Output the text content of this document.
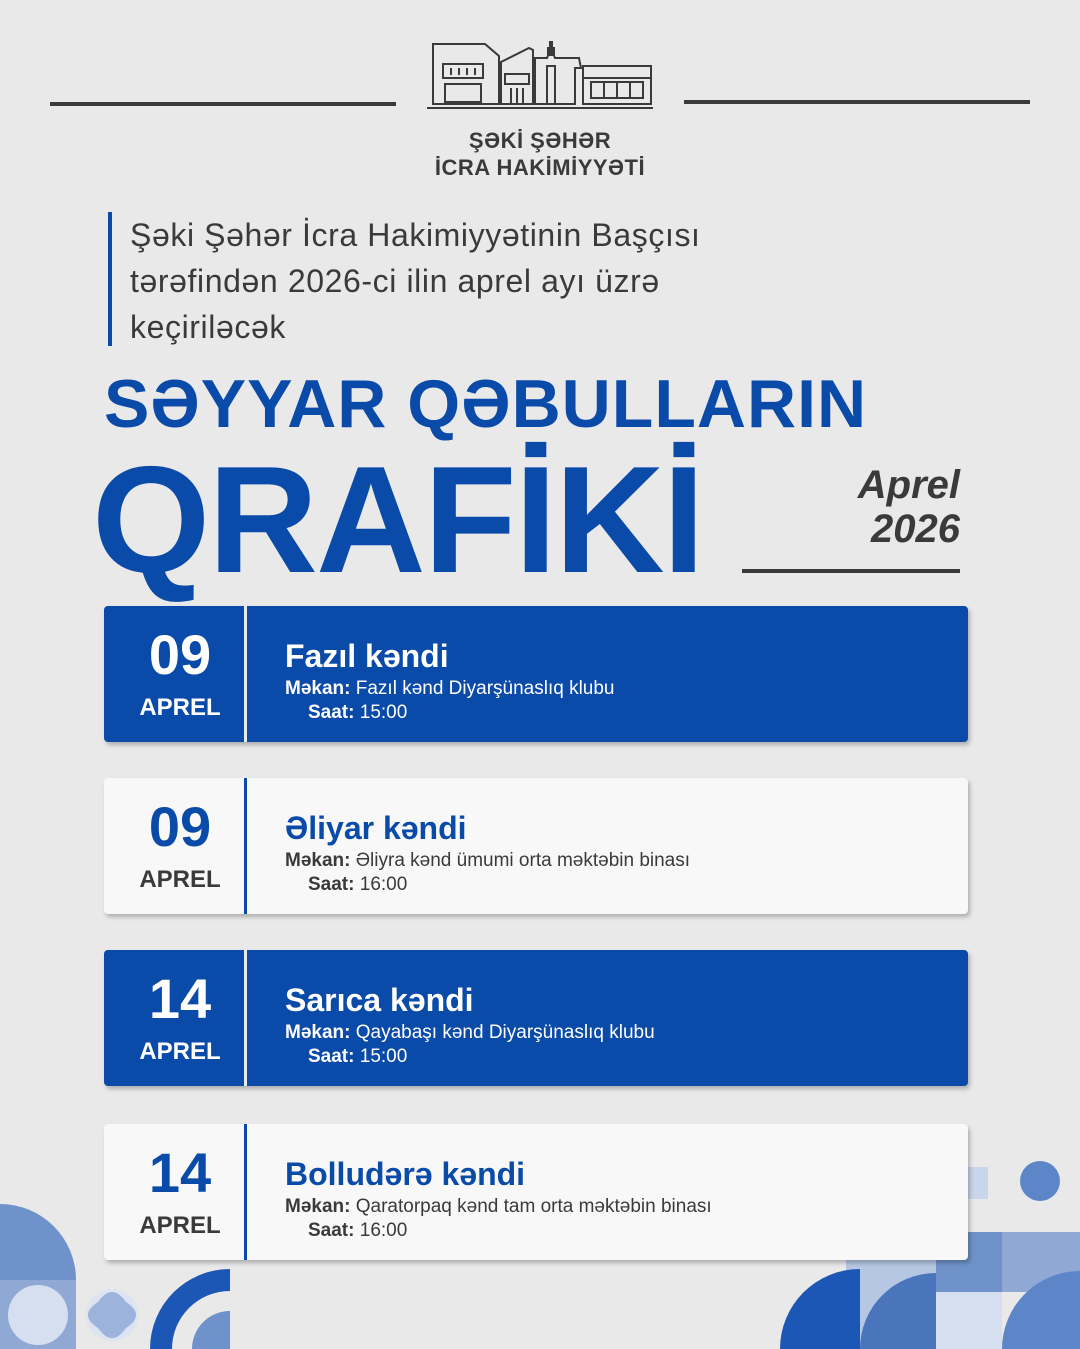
ŞƏKİ ŞƏHƏR
İCRA HAKİMİYYƏTİ
Şəki Şəhər İcra Hakimiyyətinin Başçısı
tərəfindən 2026-ci ilin aprel ayı üzrə
keçiriləcək
SƏYYAR QƏBULLARIN
QRAFİKİ	Aprel
2026
09
APREL
Fazıl kəndi
Məkan: Fazıl kənd Diyarşünaslıq klubu
Saat: 15:00
09
APREL
Əliyar kəndi
Məkan: Əliyra kənd ümumi orta məktəbin binası
Saat: 16:00
14
APREL
Sarıca kəndi
Məkan: Qayabaşı kənd Diyarşünaslıq klubu
Saat: 15:00
14
APREL
Bolludərə kəndi
Məkan: Qaratorpaq kənd tam orta məktəbin binası
Saat: 16:00
